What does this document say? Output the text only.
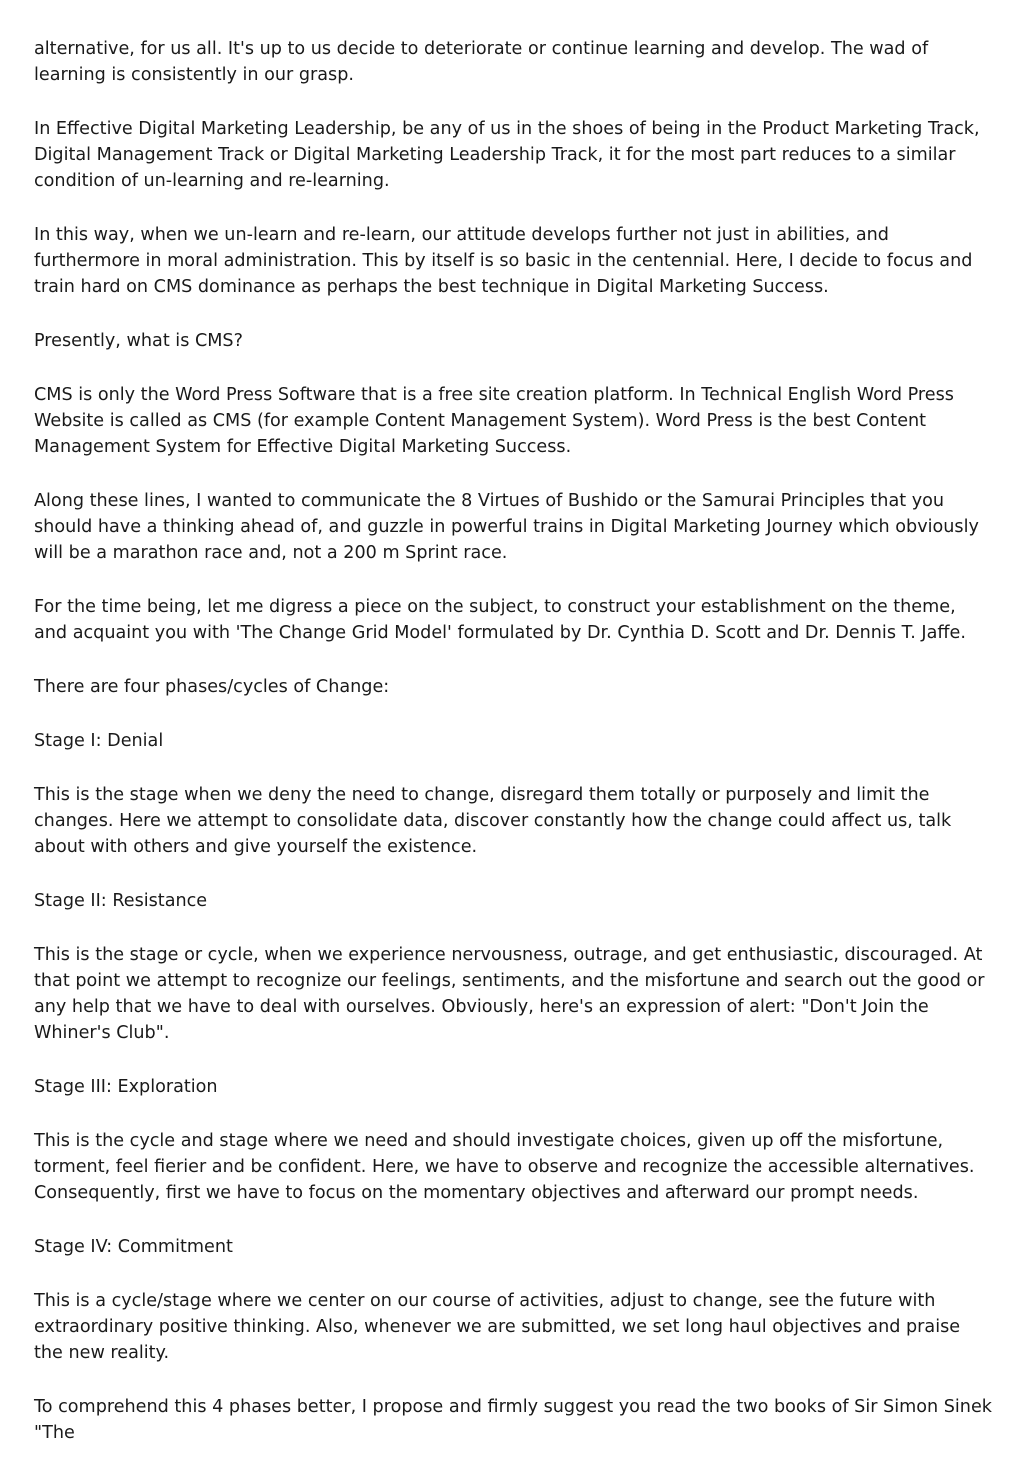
alternative, for us all. It's up to us decide to deteriorate or continue learning and develop. The wad of learning is consistently in our grasp.

In Effective Digital Marketing Leadership, be any of us in the shoes of being in the Product Marketing Track, Digital Management Track or Digital Marketing Leadership Track, it for the most part reduces to a similar condition of un-learning and re-learning.

In this way, when we un-learn and re-learn, our attitude develops further not just in abilities, and furthermore in moral administration. This by itself is so basic in the centennial. Here, I decide to focus and train hard on CMS dominance as perhaps the best technique in Digital Marketing Success.

Presently, what is CMS?

CMS is only the Word Press Software that is a free site creation platform. In Technical English Word Press Website is called as CMS (for example Content Management System). Word Press is the best Content Management System for Effective Digital Marketing Success.

Along these lines, I wanted to communicate the 8 Virtues of Bushido or the Samurai Principles that you should have a thinking ahead of, and guzzle in powerful trains in Digital Marketing Journey which obviously will be a marathon race and, not a 200 m Sprint race.

For the time being, let me digress a piece on the subject, to construct your establishment on the theme, and acquaint you with 'The Change Grid Model' formulated by Dr. Cynthia D. Scott and Dr. Dennis T. Jaffe.

There are four phases/cycles of Change:

Stage I: Denial

This is the stage when we deny the need to change, disregard them totally or purposely and limit the changes. Here we attempt to consolidate data, discover constantly how the change could affect us, talk about with others and give yourself the existence.

Stage II: Resistance

This is the stage or cycle, when we experience nervousness, outrage, and get enthusiastic, discouraged. At that point we attempt to recognize our feelings, sentiments, and the misfortune and search out the good or any help that we have to deal with ourselves. Obviously, here's an expression of alert: "Don't Join the Whiner's Club".

Stage III: Exploration

This is the cycle and stage where we need and should investigate choices, given up off the misfortune, torment, feel fierier and be confident. Here, we have to observe and recognize the accessible alternatives. Consequently, first we have to focus on the momentary objectives and afterward our prompt needs.

Stage IV: Commitment

This is a cycle/stage where we center on our course of activities, adjust to change, see the future with extraordinary positive thinking. Also, whenever we are submitted, we set long haul objectives and praise the new reality.

To comprehend this 4 phases better, I propose and firmly suggest you read the two books of Sir Simon Sinek "The
